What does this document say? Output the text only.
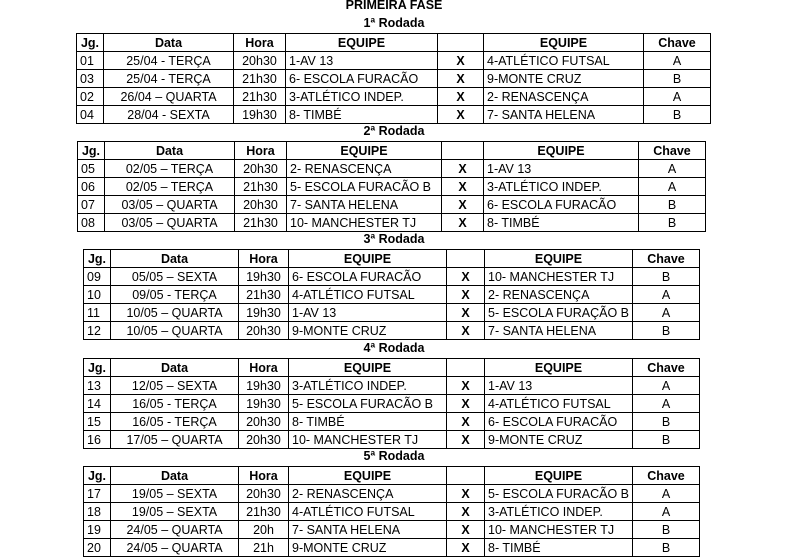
PRIMEIRA FASE
1ª Rodada
Jg.	Data	Hora	EQUIPE		EQUIPE	Chave
01	25/04 - TERÇA	20h30	1-AV 13	X	4-ATLÉTICO FUTSAL	A
03	25/04 - TERÇA	21h30	6- ESCOLA FURACÃO	X	9-MONTE CRUZ	B
02	26/04 – QUARTA	21h30	3-ATLÉTICO INDEP.	X	2- RENASCENÇA	A
04	28/04 - SEXTA	19h30	8- TIMBÉ	X	7- SANTA HELENA	B
2ª Rodada
Jg.	Data	Hora	EQUIPE		EQUIPE	Chave
05	02/05 – TERÇA	20h30	2- RENASCENÇA	X	1-AV 13	A
06	02/05 – TERÇA	21h30	5- ESCOLA FURACÃO B	X	3-ATLÉTICO INDEP.	A
07	03/05 – QUARTA	20h30	7- SANTA HELENA	X	6- ESCOLA FURACÃO	B
08	03/05 – QUARTA	21h30	10- MANCHESTER TJ	X	8- TIMBÉ	B
3ª Rodada
Jg.	Data	Hora	EQUIPE		EQUIPE	Chave
09	05/05 – SEXTA	19h30	6- ESCOLA FURACÃO	X	10- MANCHESTER TJ	B
10	09/05 - TERÇA	21h30	4-ATLÉTICO FUTSAL	X	2- RENASCENÇA	A
11	10/05 – QUARTA	19h30	1-AV 13	X	5- ESCOLA FURAÇÃO B	A
12	10/05 – QUARTA	20h30	9-MONTE CRUZ	X	7- SANTA HELENA	B
4ª Rodada
Jg.	Data	Hora	EQUIPE		EQUIPE	Chave
13	12/05 – SEXTA	19h30	3-ATLÉTICO INDEP.	X	1-AV 13	A
14	16/05 - TERÇA	19h30	5- ESCOLA FURACÃO B	X	4-ATLÉTICO FUTSAL	A
15	16/05 - TERÇA	20h30	8- TIMBÉ	X	6- ESCOLA FURACÃO	B
16	17/05 – QUARTA	20h30	10- MANCHESTER TJ	X	9-MONTE CRUZ	B
5ª Rodada
Jg.	Data	Hora	EQUIPE		EQUIPE	Chave
17	19/05 – SEXTA	20h30	2- RENASCENÇA	X	5- ESCOLA FURACÃO B	A
18	19/05 – SEXTA	21h30	4-ATLÉTICO FUTSAL	X	3-ATLÉTICO INDEP.	A
19	24/05 – QUARTA	20h	7- SANTA HELENA	X	10- MANCHESTER TJ	B
20	24/05 – QUARTA	21h	9-MONTE CRUZ	X	8- TIMBÉ	B
